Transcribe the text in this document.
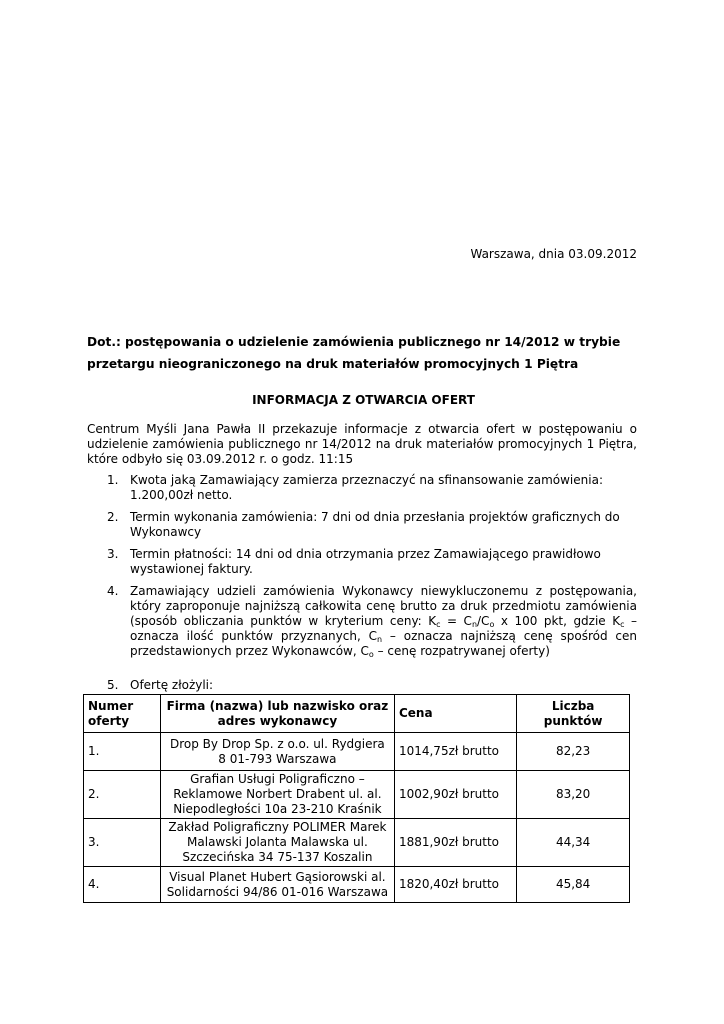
Warszawa, dnia 03.09.2012
Dot.: postępowania o udzielenie zamówienia publicznego nr 14/2012 w trybie przetargu nieograniczonego na druk materiałów promocyjnych 1 Piętra
INFORMACJA Z OTWARCIA OFERT
Centrum Myśli Jana Pawła II przekazuje informacje z otwarcia ofert w postępowaniu o udzielenie zamówienia publicznego nr 14/2012 na druk materiałów promocyjnych 1 Piętra, które odbyło się 03.09.2012 r. o godz. 11:15
1. Kwota jaką Zamawiający zamierza przeznaczyć na sfinansowanie zamówienia: 1.200,00zł netto.
2. Termin wykonania zamówienia: 7 dni od dnia przesłania projektów graficznych do Wykonawcy
3. Termin płatności: 14 dni od dnia otrzymania przez Zamawiającego prawidłowo wystawionej faktury.
4. Zamawiający udzieli zamówienia Wykonawcy niewykluczonemu z postępowania, który zaproponuje najniższą całkowita cenę brutto za druk przedmiotu zamówienia (sposób obliczania punktów w kryterium ceny: $K_c = C_n/C_o$ x 100 pkt, gdzie $K_c$ – oznacza ilość punktów przyznanych, $C_n$ – oznacza najniższą cenę spośród cen przedstawionych przez Wykonawców, $C_o$ – cenę rozpatrywanej oferty)
5. Ofertę złożyli:
Numer oferty	Firma (nazwa) lub nazwisko oraz adres wykonawcy	Cena	Liczba punktów
1.	Drop By Drop Sp. z o.o. ul. Rydgiera 8 01-793 Warszawa	1014,75zł brutto	82,23
2.	Grafian Usługi Poligraficzno – Reklamowe Norbert Drabent ul. al. Niepodległości 10a 23-210 Kraśnik	1002,90zł brutto	83,20
3.	Zakład Poligraficzny POLIMER Marek Malawski Jolanta Malawska ul. Szczecińska 34 75-137 Koszalin	1881,90zł brutto	44,34
4.	Visual Planet Hubert Gąsiorowski al. Solidarności 94/86 01-016 Warszawa	1820,40zł brutto	45,84
